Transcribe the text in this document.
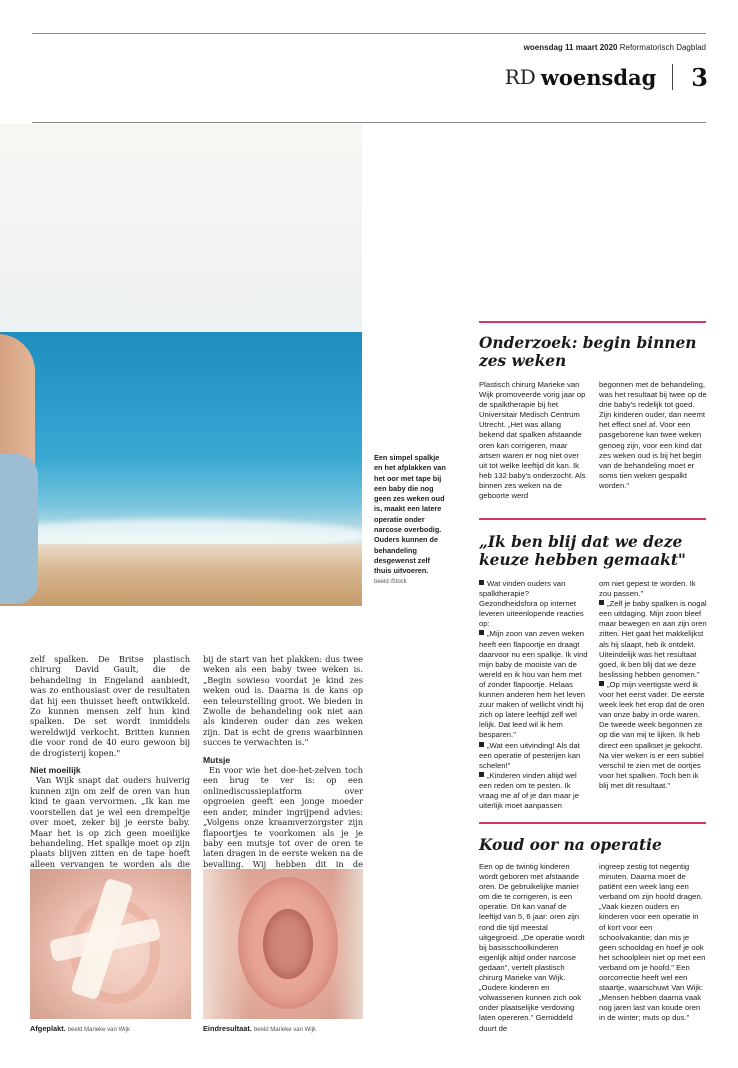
woensdag 11 maart 2020 Reformatorisch Dagblad
RD woensdag 3
Een simpel spalkje en het afplakken van het oor met tape bij een baby die nog geen zes weken oud is, maakt een latere operatie onder narcose overbodig. Ouders kunnen de behandeling desgewenst zelf thuis uitvoeren.
beeld iStock

zelf spalken. De Britse plastisch chirurg David Gault, die de behandeling in Engeland aanbiedt, was zo enthousiast over de resultaten dat hij een thuisset heeft ontwikkeld. Zo kunnen mensen zelf hun kind spalken. De set wordt inmiddels wereldwijd verkocht. Britten kunnen die voor rond de 40 euro gewoon bij de drogisterij kopen."

Niet moeilijk

Van Wijk snapt dat ouders huiverig kunnen zijn om zelf de oren van hun kind te gaan vervormen. „Ik kan me voorstellen dat je wel een drempeltje over moet, zeker bij je eerste baby. Maar het is op zich geen moeilijke behandeling. Het spalkje moet op zijn plaats blijven zitten en de tape hoeft alleen vervangen te worden als die

bij de start van het plakken: dus twee weken als een baby twee weken is. „Begin sowieso voordat je kind zes weken oud is. Daarna is de kans op een teleurstelling groot. We bieden in Zwolle de behandeling ook niet aan als kinderen ouder dan zes weken zijn. Dat is echt de grens waarbinnen succes te verwachten is."

Mutsje

En voor wie het doe-het-zelven toch een brug te ver is: op een onlinediscussieplatform over opgroeien geeft een jonge moeder een ander, minder ingrijpend advies: „Volgens onze kraamverzorgster zijn flapoortjes te voorkomen als je je baby een mutsje tot over de oren te laten dragen in de eerste weken na de bevalling. Wij hebben dit in de

Afgeplakt. beeld Marieke van Wijk	Eindresultaat. beeld Marieke van Wijk
Onderzoek: begin binnen zes weken

Plastisch chirurg Marieke van Wijk promoveerde vorig jaar op de spalktherapie bij het Universitair Medisch Centrum Utrecht. „Het was allang bekend dat spalken afstaande oren kan corrigeren, maar artsen waren er nog niet over uit tot welke leeftijd dit kan. Ik heb 132 baby's onderzocht. Als binnen zes weken na de geboorte werd

begonnen met de behandeling, was het resultaat bij twee op de drie baby's redelijk tot goed. Zijn kinderen ouder, dan neemt het effect snel af. Voor een pasgeborene kan twee weken genoeg zijn, voor een kind dat zes weken oud is bij het begin van de behandeling moet er soms tien weken gespalkt worden."

„Ik ben blij dat we deze keuze hebben gemaakt"

Wat vinden ouders van spalktherapie? Gezondheidsfora op internet leveren uiteenlopende reacties op:

„Mijn zoon van zeven weken heeft een flapoortje en draagt daarvoor nu een spalkje. Ik vind mijn baby de mooiste van de wereld en ik hou van hem met of zonder flapoortje. Helaas kunnen anderen hem het leven zuur maken of wellicht vindt hij zich op latere leeftijd zelf wel lelijk. Dat leed wil ik hem besparen."

„Wat een uitvinding! Als dat een operatie of pesterijen kan schelen!"

„Kinderen vinden altijd wel een reden om te pesten. Ik vraag me af of je dan maar je uiterlijk moet aanpassen

om niet gepest te worden. Ik zou passen."

„Zelf je baby spalken is nogal een uitdaging. Mijn zoon bleef maar bewegen en aan zijn oren zitten. Het gaat het makkelijkst als hij slaapt, heb ik ontdekt. Uiteindelijk was het resultaat goed, ik ben blij dat we deze beslissing hebben genomen."

„Op mijn veertigste werd ik voor het eerst vader. De eerste week leek het erop dat de oren van onze baby in orde waren. De tweede week begonnen ze op die van mij te lijken. Ik heb direct een spalkset je gekocht. Na vier weken is er een subtiel verschil te zien met de oortjes voor het spalken. Toch ben ik blij met dit resultaat."

Koud oor na operatie

Een op de twintig kinderen wordt geboren met afstaande oren. De gebruikelijke manier om die te corrigeren, is een operatie. Dit kan vanaf de leeftijd van 5, 6 jaar: oren zijn rond die tijd meestal uitgegroeid. „De operatie wordt bij basisschoolkinderen eigenlijk altijd onder narcose gedaan", vertelt plastisch chirurg Marieke van Wijk. „Oudere kinderen en volwassenen kunnen zich ook onder plaatselijke verdoving laten opereren." Gemiddeld duurt de

ingreep zestig tot negentig minuten. Daarna moet de patiënt een week lang een verband om zijn hoofd dragen. „Vaak kiezen ouders en kinderen voor een operatie in of kort voor een schoolvakantie; dan mis je geen schooldag en hoef je ook het schoolplein niet op met een verband om je hoofd." Een oorcorrectie heeft wel een staartje, waarschuwt Van Wijk: „Mensen hebben daarna vaak nog jaren last van koude oren in de winter; muts op dus."
